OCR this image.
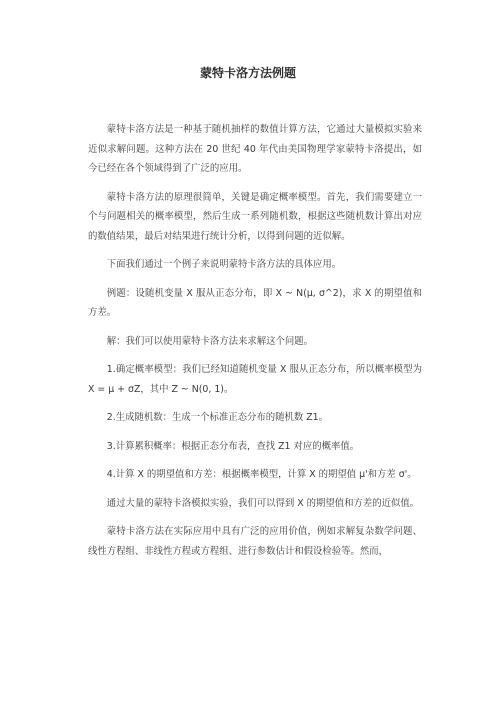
蒙特卡洛方法例题

蒙特卡洛方法是一种基于随机抽样的数值计算方法，它通过大量模拟实验来近似求解问题。这种方法在 20 世纪 40 年代由美国物理学家蒙特卡洛提出，如今已经在各个领域得到了广泛的应用。

蒙特卡洛方法的原理很简单，关键是确定概率模型。首先，我们需要建立一个与问题相关的概率模型，然后生成一系列随机数，根据这些随机数计算出对应的数值结果，最后对结果进行统计分析，以得到问题的近似解。

下面我们通过一个例子来说明蒙特卡洛方法的具体应用。

例题：设随机变量 X 服从正态分布，即 X ~ N(μ, σ^2)，求 X 的期望值和方差。

解：我们可以使用蒙特卡洛方法来求解这个问题。

1.确定概率模型：我们已经知道随机变量 X 服从正态分布，所以概率模型为 X = μ + σZ，其中 Z ~ N(0, 1)。

2.生成随机数：生成一个标准正态分布的随机数 Z1。

3.计算累积概率：根据正态分布表，查找 Z1 对应的概率值。

4.计算 X 的期望值和方差：根据概率模型，计算 X 的期望值 μ'和方差 σ'。

通过大量的蒙特卡洛模拟实验，我们可以得到 X 的期望值和方差的近似值。

蒙特卡洛方法在实际应用中具有广泛的应用价值，例如求解复杂数学问题、线性方程组、非线性方程或方程组、进行参数估计和假设检验等。然而，
